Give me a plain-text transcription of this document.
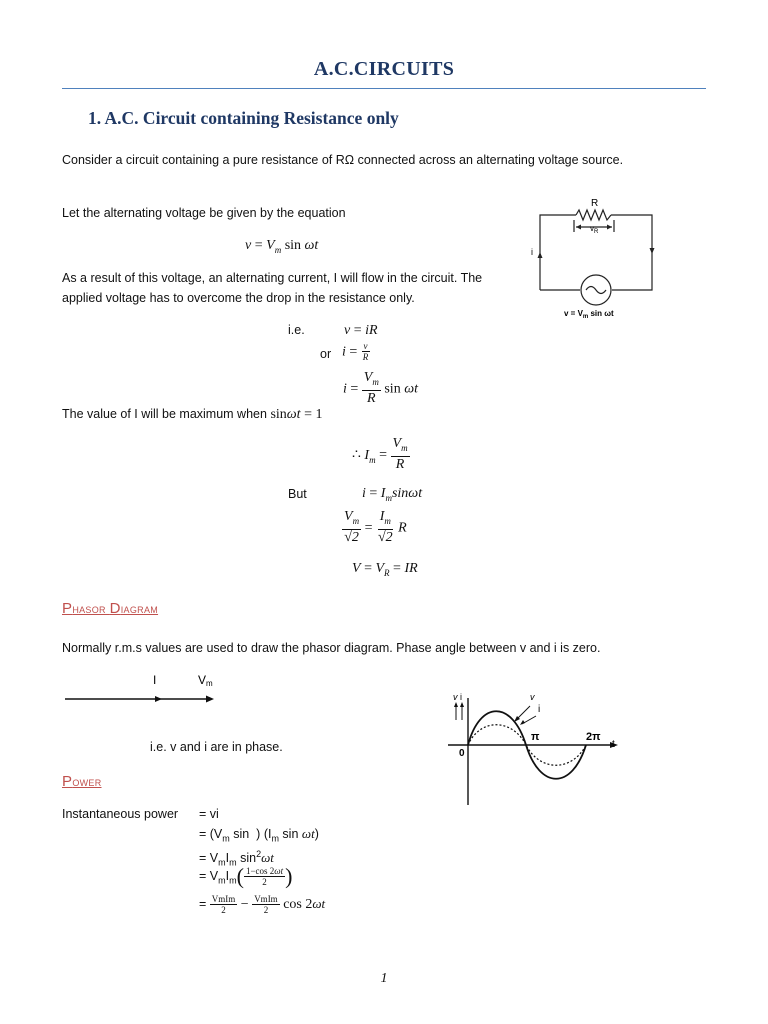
A.C.CIRCUITS
1. A.C. Circuit containing Resistance only
Consider a circuit containing a pure resistance of RΩ connected across an alternating voltage source.
Let the alternating voltage be given by the equation
$v = V_m$ sin ωt
As a result of this voltage, an alternating current, I will flow in the circuit. The
applied voltage has to overcome the drop in the resistance only.
i.e.	v = iR
or $i = \frac{v}{R}$
$i = \frac{V_m}{R}$ sin ωt
The value of I will be maximum when sinωt = 1
∴ $I_m = \frac{V_m}{R}$
But	$i = I_m\sin\omega t$
$\frac{V_m}{√2} = \frac{I_m}{√2}$ R
$V = V_R$ = IR
R
$v_R$
i
$v = V_m$ sin ωt
Phasor Diagram
Normally r.m.s values are used to draw the phasor diagram. Phase angle between v and i is zero.
I	Vm
i.e. v and i are in phase.
v i	v
i
0
π	2π
t
Power
Instantaneous power = vi
= ($V_m$ sin  ) ($I_m$ sin ωt)
= $V_mI_m$ $\sin^2\omega t$
= $V_mI_m( \frac{1-\cos 2\omega t}{2}$ )
= $\frac{\text{VmIm}}{2} - \frac{\text{VmIm}}{2}$ cos 2ωt
1
